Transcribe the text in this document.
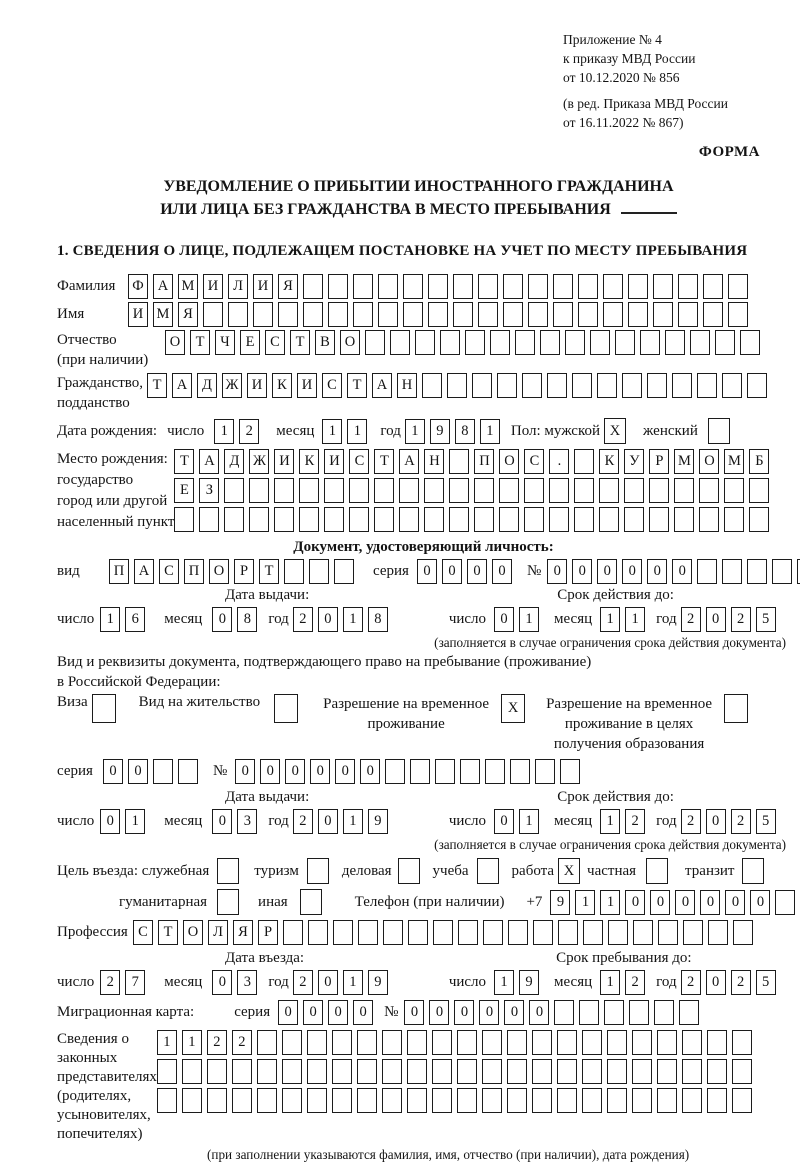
Приложение № 4
к приказу МВД России
от 10.12.2020 № 856
(в ред. Приказа МВД России
от 16.11.2022 № 867)
ФОРМА
УВЕДОМЛЕНИЕ О ПРИБЫТИИ ИНОСТРАННОГО ГРАЖДАНИНА
ИЛИ ЛИЦА БЕЗ ГРАЖДАНСТВА В МЕСТО ПРЕБЫВАНИЯ
1. СВЕДЕНИЯ О ЛИЦЕ, ПОДЛЕЖАЩЕМ ПОСТАНОВКЕ НА УЧЕТ ПО МЕСТУ ПРЕБЫВАНИЯ
Фамилия	Ф А М И	Л	И	Я
Имя	И М Я
Отчество
(при наличии)
О	Т	Ч	Е	С	Т	В	О
Гражданство,
подданство
Т	А	Д Ж И	К	И	С	Т	А	Н
Дата рождения: число	1	2	месяц 1	1	год 1	9	8	1	Пол: мужской X	женский
Место рождения:
государство
город или другой
населенный пункт
Т	А	Д Ж И	К	И	С	Т	А	Н	П	О	С	.	К	У	Р	М О М Б
Е	З
Документ, удостоверяющий личность:
вид	П	А	С	П	О	Р	Т	серия 0	0	0	0	№ 0	0	0	0	0	0
Дата выдачи:	Срок действия до:
число 1	6	месяц	0	8	год 2	0	1	8	число 0	1	месяц 1	1	год 2	0	2	5
(заполняется в случае ограничения срока действия документа)
Вид и реквизиты документа, подтверждающего право на пребывание (проживание)
в Российской Федерации:
Виза	Вид на жительство	Разрешение на временное
проживание
X	Разрешение на временное
проживание в целях
получения образования
серия	0	0	№ 0	0	0	0	0	0
Дата выдачи:	Срок действия до:
число 0	1	месяц	0	3	год 2	0	1	9	число 0	1	месяц 1	2	год 2	0	2	5
(заполняется в случае ограничения срока действия документа)
Цель въезда: служебная	туризм	деловая	учеба	работа X частная	транзит
гуманитарная	иная	Телефон (при наличии) +7 9	1	1	0	0	0	0	0	0
Профессия С	Т	О	Л	Я	Р
Дата въезда:	Срок пребывания до:
число 2	7	месяц	0	3	год 2	0	1	9	число 1	9	месяц 1	2	год 2	0	2	5
Миграционная карта:	серия 0	0	0	0	№ 0	0	0	0	0	0
Сведения о
законных
представителях
(родителях,
усыновителях,
попечителях)
1	1	2	2
(при заполнении указываются фамилия, имя, отчество (при наличии), дата рождения)
